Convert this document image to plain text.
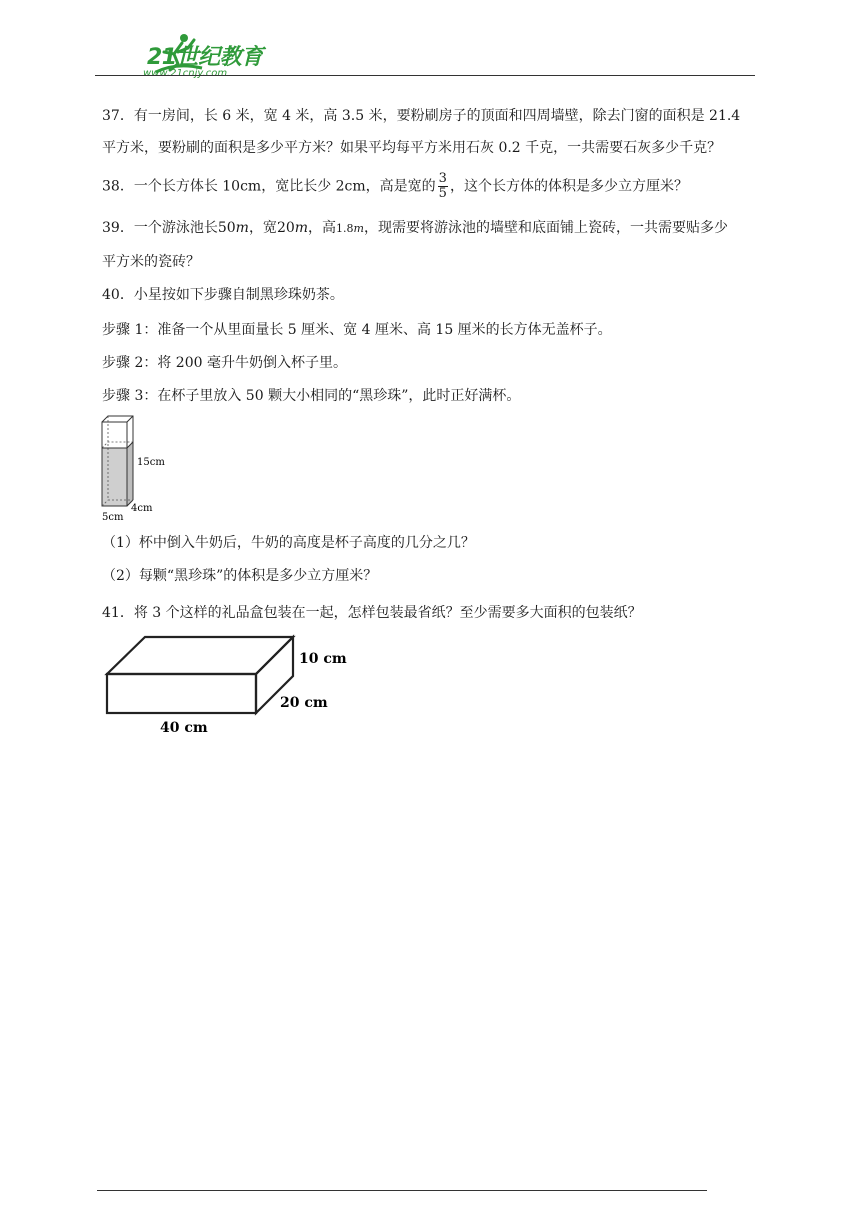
21世纪教育
www.21cnjy.com
37．有一房间，长 6 米，宽 4 米，高 3.5 米，要粉刷房子的顶面和四周墙壁，除去门窗的面积是 21.4
平方米，要粉刷的面积是多少平方米？如果平均每平方米用石灰 0.2 千克，一共需要石灰多少千克？
38．一个长方体长 10cm，宽比长少 2cm，高是宽的 $\frac{3}{5}$ ，这个长方体的体积是多少立方厘米？
39．一个游泳池长50m，宽20m，高1.8m，现需要将游泳池的墙壁和底面铺上瓷砖，一共需要贴多少
平方米的瓷砖？
40．小星按如下步骤自制黑珍珠奶茶。
步骤 1：准备一个从里面量长 5 厘米、宽 4 厘米、高 15 厘米的长方体无盖杯子。
步骤 2：将 200 毫升牛奶倒入杯子里。
步骤 3：在杯子里放入 50 颗大小相同的“黑珍珠”，此时正好满杯。
15cm
4cm
5cm
（1）杯中倒入牛奶后，牛奶的高度是杯子高度的几分之几？
（2）每颗“黑珍珠”的体积是多少立方厘米？
41．将 3 个这样的礼品盒包装在一起，怎样包装最省纸？至少需要多大面积的包装纸？
10 cm
20 cm
40 cm
